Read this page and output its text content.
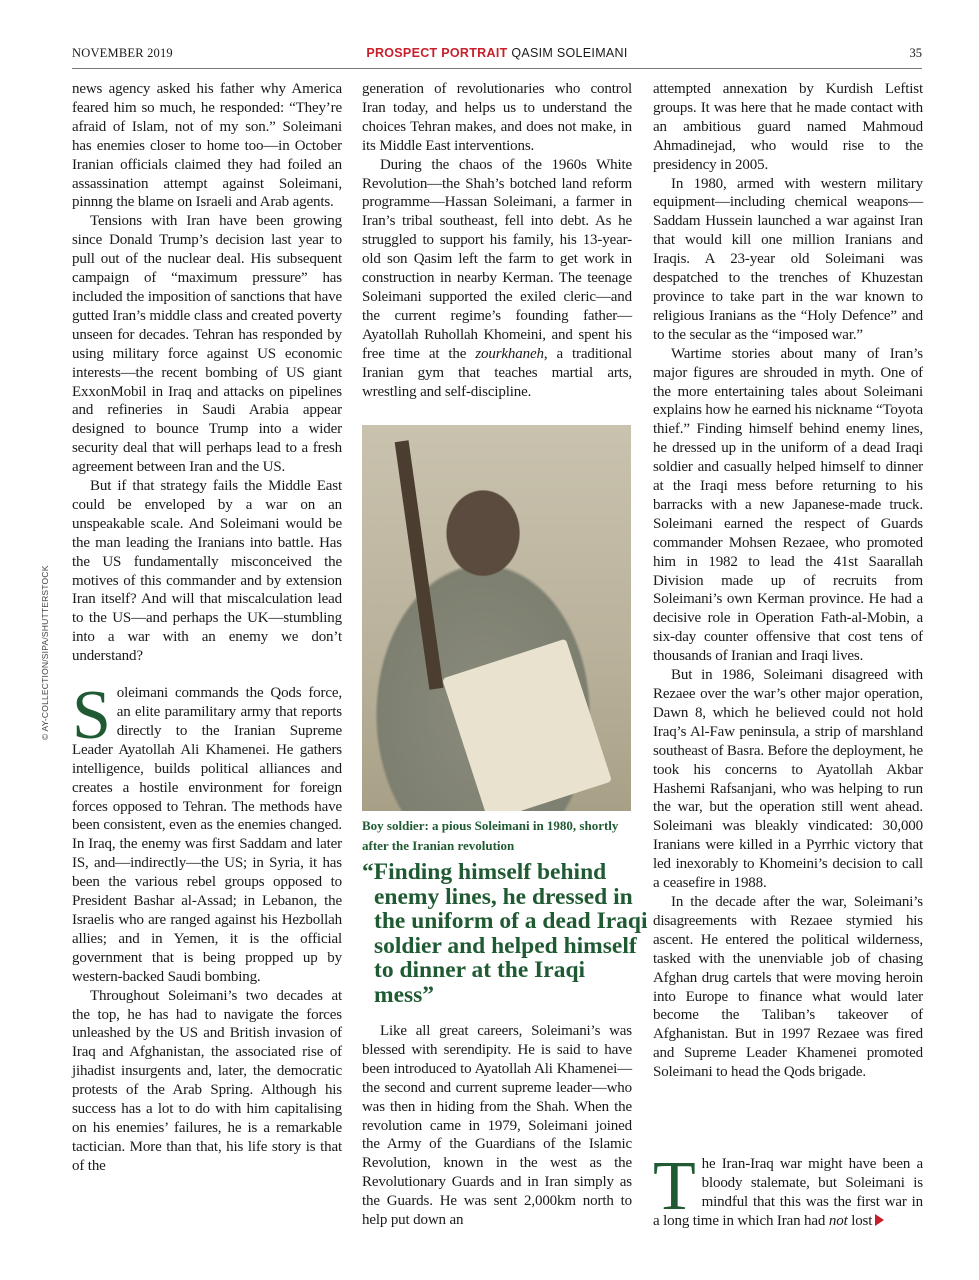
NOVEMBER 2019	PROSPECT PORTRAIT QASIM SOLEIMANI	35
© AY-COLLECTION/SIPA/SHUTTERSTOCK

news agency asked his father why America feared him so much, he responded: “They’re afraid of Islam, not of my son.” Soleimani has enemies closer to home too—in October Iranian officials claimed they had foiled an assassination attempt against Soleimani, pinnng the blame on Israeli and Arab agents.

Tensions with Iran have been growing since Donald Trump’s decision last year to pull out of the nuclear deal. His subsequent campaign of “maximum pressure” has included the imposition of sanctions that have gutted Iran’s middle class and created poverty unseen for decades. Tehran has responded by using military force against US economic interests—the recent bombing of US giant ExxonMobil in Iraq and attacks on pipelines and refineries in Saudi Arabia appear designed to bounce Trump into a wider security deal that will perhaps lead to a fresh agreement between Iran and the US.

But if that strategy fails the Middle East could be enveloped by a war on an unspeakable scale. And Soleimani would be the man leading the Iranians into battle. Has the US fundamentally misconceived the motives of this commander and by extension Iran itself? And will that miscalculation lead to the US—and perhaps the UK—stumbling into a war with an enemy we don’t understand?

Soleimani commands the Qods force, an elite paramilitary army that reports directly to the Iranian Supreme Leader Ayatollah Ali Khamenei. He gathers intelligence, builds political alliances and creates a hostile environment for foreign forces opposed to Tehran. The methods have been consistent, even as the enemies changed. In Iraq, the enemy was first Saddam and later IS, and—indirectly—the US; in Syria, it has been the various rebel groups opposed to President Bashar al-Assad; in Lebanon, the Israelis who are ranged against his Hezbollah allies; and in Yemen, it is the official government that is being propped up by western-backed Saudi bombing.

Throughout Soleimani’s two decades at the top, he has had to navigate the forces unleashed by the US and British invasion of Iraq and Afghanistan, the associated rise of jihadist insurgents and, later, the democratic protests of the Arab Spring. Although his success has a lot to do with him capitalising on his enemies’ failures, he is a remarkable tactician. More than that, his life story is that of the

generation of revolutionaries who control Iran today, and helps us to understand the choices Tehran makes, and does not make, in its Middle East interventions.

During the chaos of the 1960s White Revolution—the Shah’s botched land reform programme—Hassan Soleimani, a farmer in Iran’s tribal southeast, fell into debt. As he struggled to support his family, his 13-year-old son Qasim left the farm to get work in construction in nearby Kerman. The teenage Soleimani supported the exiled cleric—and the current regime’s founding father—Ayatollah Ruhollah Khomeini, and spent his free time at the zourkhaneh, a traditional Iranian gym that teaches martial arts, wrestling and self-discipline.

Boy soldier: a pious Soleimani in 1980, shortly after the Iranian revolution
“Finding himself behind enemy lines, he dressed in the uniform of a dead Iraqi soldier and helped himself to dinner at the Iraqi mess”

Like all great careers, Soleimani’s was blessed with serendipity. He is said to have been introduced to Ayatollah Ali Khamenei—the second and current supreme leader—who was then in hiding from the Shah. When the revolution came in 1979, Soleimani joined the Army of the Guardians of the Islamic Revolution, known in the west as the Revolutionary Guards and in Iran simply as the Guards. He was sent 2,000km north to help put down an

attempted annexation by Kurdish Leftist groups. It was here that he made contact with an ambitious guard named Mahmoud Ahmadinejad, who would rise to the presidency in 2005.

In 1980, armed with western military equipment—including chemical weapons—Saddam Hussein launched a war against Iran that would kill one million Iranians and Iraqis. A 23-year old Soleimani was despatched to the trenches of Khuzestan province to take part in the war known to religious Iranians as the “Holy Defence” and to the secular as the “imposed war.”

Wartime stories about many of Iran’s major figures are shrouded in myth. One of the more entertaining tales about Soleimani explains how he earned his nickname “Toyota thief.” Finding himself behind enemy lines, he dressed up in the uniform of a dead Iraqi soldier and casually helped himself to dinner at the Iraqi mess before returning to his barracks with a new Japanese-made truck. Soleimani earned the respect of Guards commander Mohsen Rezaee, who promoted him in 1982 to lead the 41st Saarallah Division made up of recruits from Soleimani’s own Kerman province. He had a decisive role in Operation Fath-al-Mobin, a six-day counter offensive that cost tens of thousands of Iranian and Iraqi lives.

But in 1986, Soleimani disagreed with Rezaee over the war’s other major operation, Dawn 8, which he believed could not hold Iraq’s Al-Faw peninsula, a strip of marshland southeast of Basra. Before the deployment, he took his concerns to Ayatollah Akbar Hashemi Rafsanjani, who was helping to run the war, but the operation still went ahead. Soleimani was bleakly vindicated: 30,000 Iranians were killed in a Pyrrhic victory that led inexorably to Khomeini’s decision to call a ceasefire in 1988.

In the decade after the war, Soleimani’s disagreements with Rezaee stymied his ascent. He entered the political wilderness, tasked with the unenviable job of chasing Afghan drug cartels that were moving heroin into Europe to finance what would later become the Taliban’s takeover of Afghanistan. But in 1997 Rezaee was fired and Supreme Leader Khamenei promoted Soleimani to head the Qods brigade.

The Iran-Iraq war might have been a bloody stalemate, but Soleimani is mindful that this was the first war in a long time in which Iran had not lost
